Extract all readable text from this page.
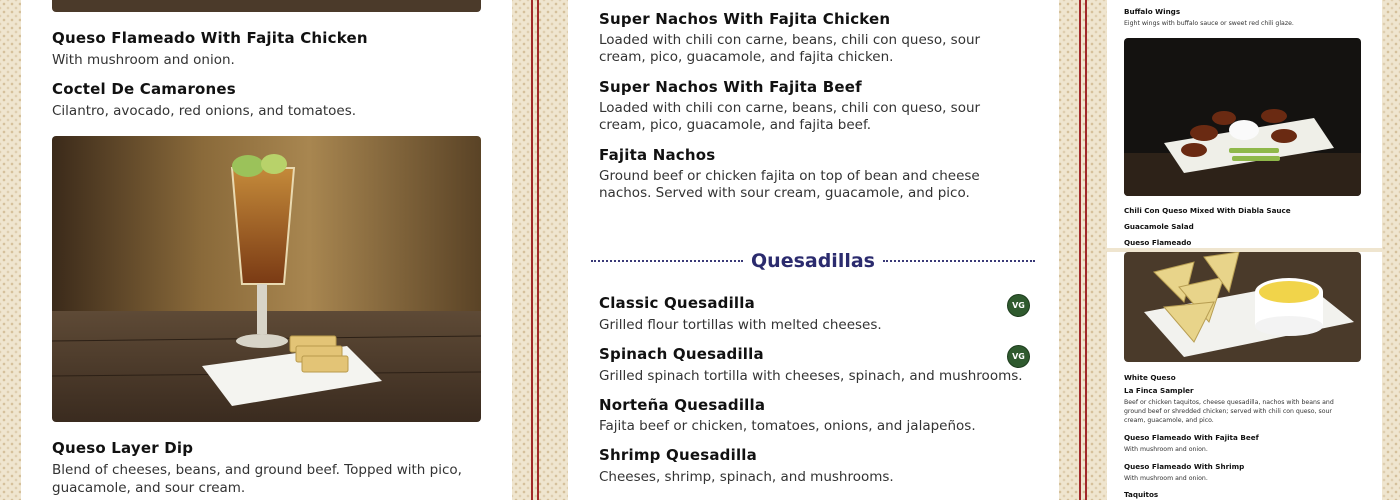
Queso Flameado With Fajita Chicken
With mushroom and onion.
Coctel De Camarones
Cilantro, avocado, red onions, and tomatoes.
Queso Layer Dip
Blend of cheeses, beans, and ground beef. Topped with pico, guacamole, and sour cream.
Super Nachos With Fajita Chicken
Loaded with chili con carne, beans, chili con queso, sour cream, pico, guacamole, and fajita chicken.
Super Nachos With Fajita Beef
Loaded with chili con carne, beans, chili con queso, sour cream, pico, guacamole, and fajita beef.
Fajita Nachos
Ground beef or chicken fajita on top of bean and cheese nachos. Served with sour cream, guacamole, and pico.
Quesadillas
Classic Quesadilla	VG
Grilled flour tortillas with melted cheeses.
Spinach Quesadilla	VG
Grilled spinach tortilla with cheeses, spinach, and mushrooms.
Norteña Quesadilla
Fajita beef or chicken, tomatoes, onions, and jalapeños.
Shrimp Quesadilla
Cheeses, shrimp, spinach, and mushrooms.
Buffalo Wings
Eight wings with buffalo sauce or sweet red chili glaze.
Chili Con Queso Mixed With Diabla Sauce
Guacamole Salad
Queso Flameado
White Queso
La Finca Sampler
Beef or chicken taquitos, cheese quesadilla, nachos with beans and ground beef or shredded chicken; served with chili con queso, sour cream, guacamole, and pico.
Queso Flameado With Fajita Beef
With mushroom and onion.
Queso Flameado With Shrimp
With mushroom and onion.
Taquitos
